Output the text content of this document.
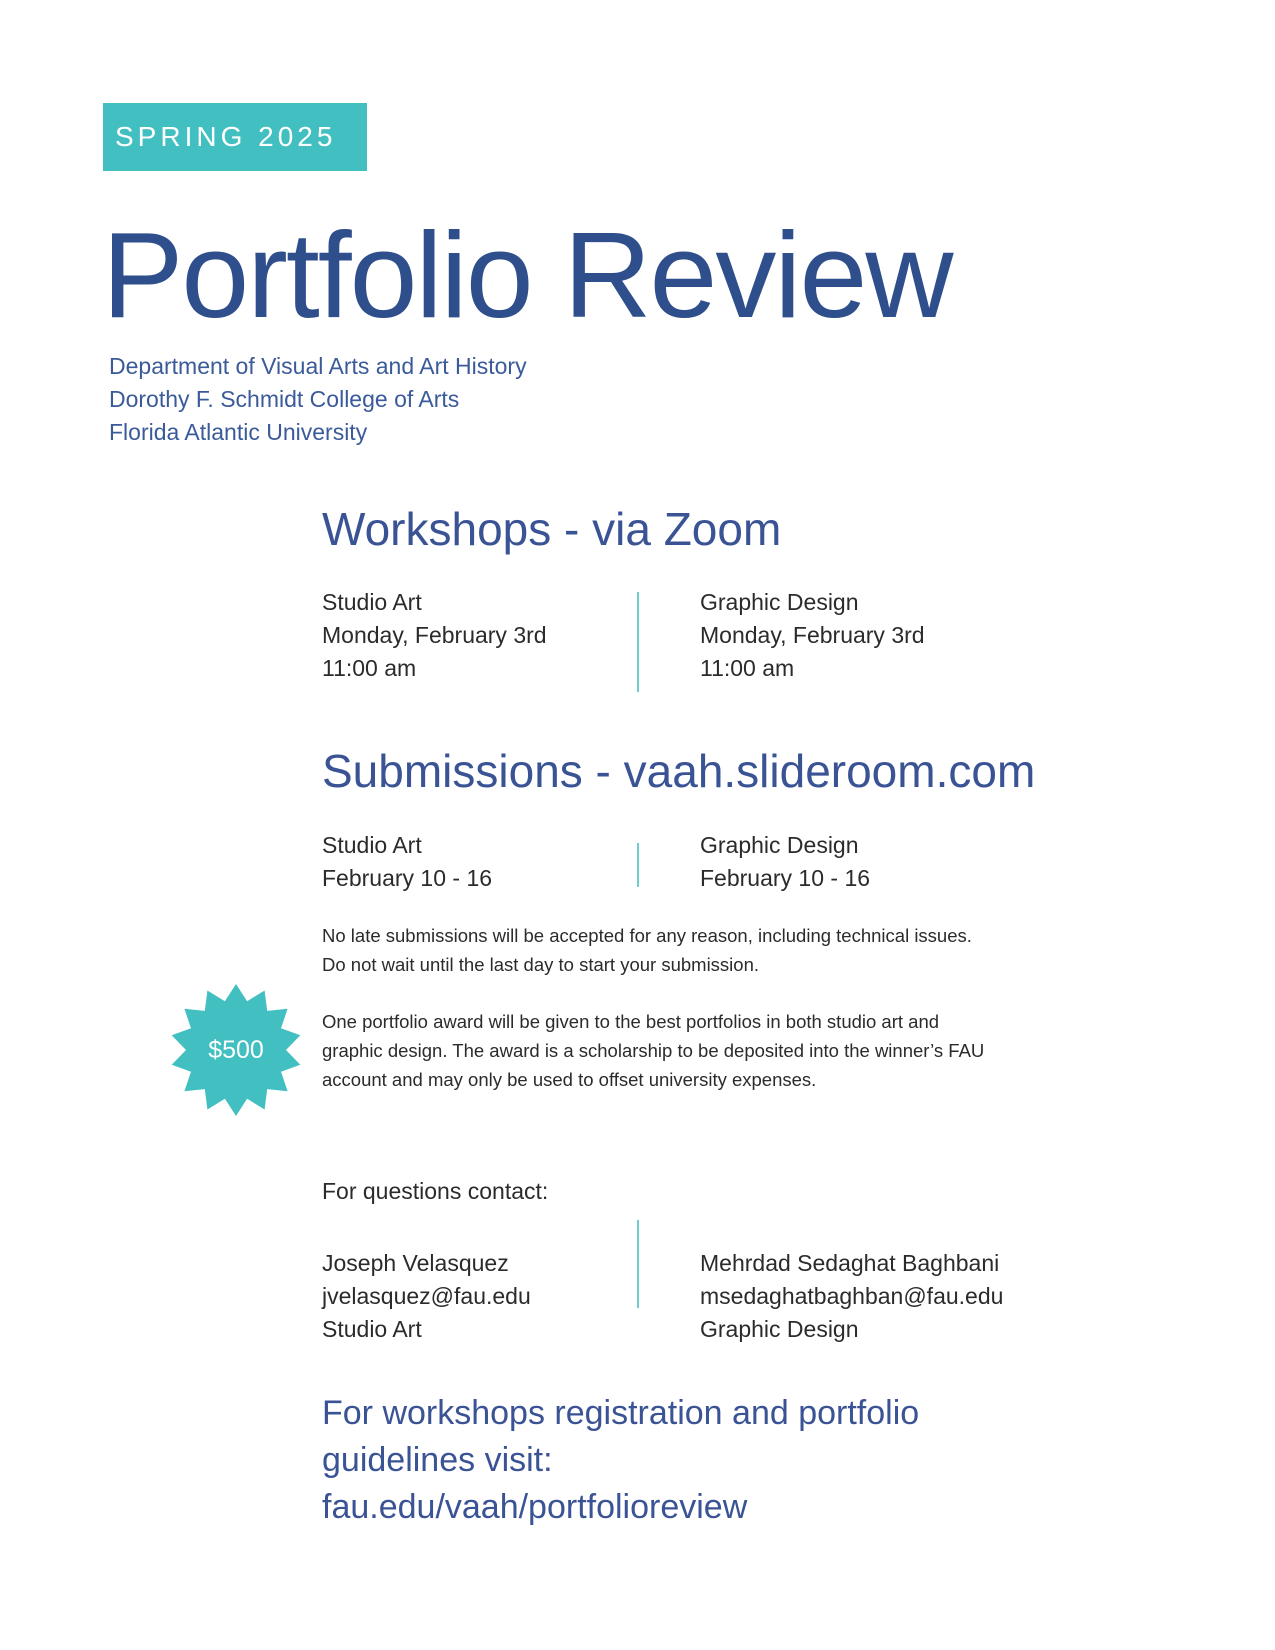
SPRING 2025
Portfolio Review
Department of Visual Arts and Art History
Dorothy F. Schmidt College of Arts
Florida Atlantic University
Workshops - via Zoom
Studio Art
Monday, February 3rd
11:00 am
Graphic Design
Monday, February 3rd
11:00 am
Submissions - vaah.slideroom.com
Studio Art
February 10 - 16
Graphic Design
February 10 - 16
No late submissions will be accepted for any reason, including technical issues.
Do not wait until the last day to start your submission.
$500
One portfolio award will be given to the best portfolios in both studio art and
graphic design. The award is a scholarship to be deposited into the winner’s FAU
account and may only be used to offset university expenses.
For questions contact:
Joseph Velasquez
jvelasquez@fau.edu
Studio Art
Mehrdad Sedaghat Baghbani
msedaghatbaghban@fau.edu
Graphic Design
For workshops registration and portfolio
guidelines visit:
fau.edu/vaah/portfolioreview
